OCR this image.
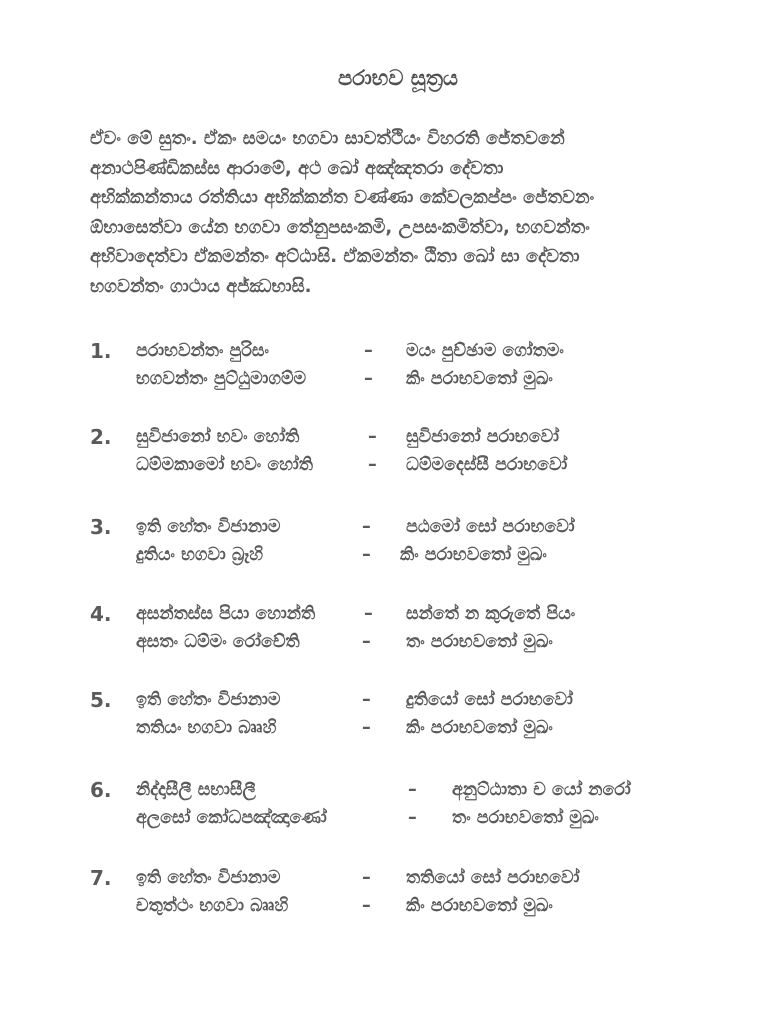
පරාභව සූත්‍රය
ඒවං මේ සුතං. ඒකං සමයං භගවා සාවත්ථියං විහරති ජේතවනේ
අනාථපිණ්ඩිකස්ස ආරාමේ, අථ ඛෝ අඤ්ඤතරා දේවතා
අභික්කන්තාය රත්තියා අභික්කන්ත වණ්ණා කේවලකප්පං ජේතවනං
ඕභාසෙත්වා යේන භගවා තේනුපසංකමි, උපසංකමිත්වා, භගවන්තං
අභිවාදෙත්වා ඒකමන්තං අට්ඨාසි. ඒකමන්තං ඨිතා ඛෝ සා දේවතා
භගවන්තං ගාථාය අජ්ඣභාසි.
1. පරාභවන්තං පුරිසං	– මයං පුච්ඡාම ගෝතමං
භගවන්තං පුට්ඨුමාගම්ම	– කිං පරාභවතෝ මුඛං
2. සුවිජානෝ භවං හෝති	– සුවිජානෝ පරාභවෝ
ධම්මකාමෝ භවං හෝති	– ධම්මදෙස්සී පරාභවෝ
3. ඉති හේතං විජානාම	– පඨමෝ සෝ පරාභවෝ
දුතියං භගවා බ්‍රෑහි	– කිං පරාභවතෝ මුඛං
4. අසන්තස්ස පියා හොන්ති	– සන්තේ න කුරුතේ පියං
අසතං ධම්මං රෝචේති	– තං පරාභවතෝ මුඛං
5. ඉති හේතං විජානාම	– දුතියෝ සෝ පරාභවෝ
තතියං භගවා බෲහි	– කිං පරාභවතෝ මුඛං
6. නිද්දාසීලී සභාසීලී	– අනුට්ඨාතා ච යෝ නරෝ
අලසෝ කෝධපඤ්ඤාණෝ	– තං පරාභවතෝ මුඛං
7. ඉති හේතං විජානාම	– තතියෝ සෝ පරාභවෝ
චතුත්ථං භගවා බෲහි	– කිං පරාභවතෝ මුඛං
